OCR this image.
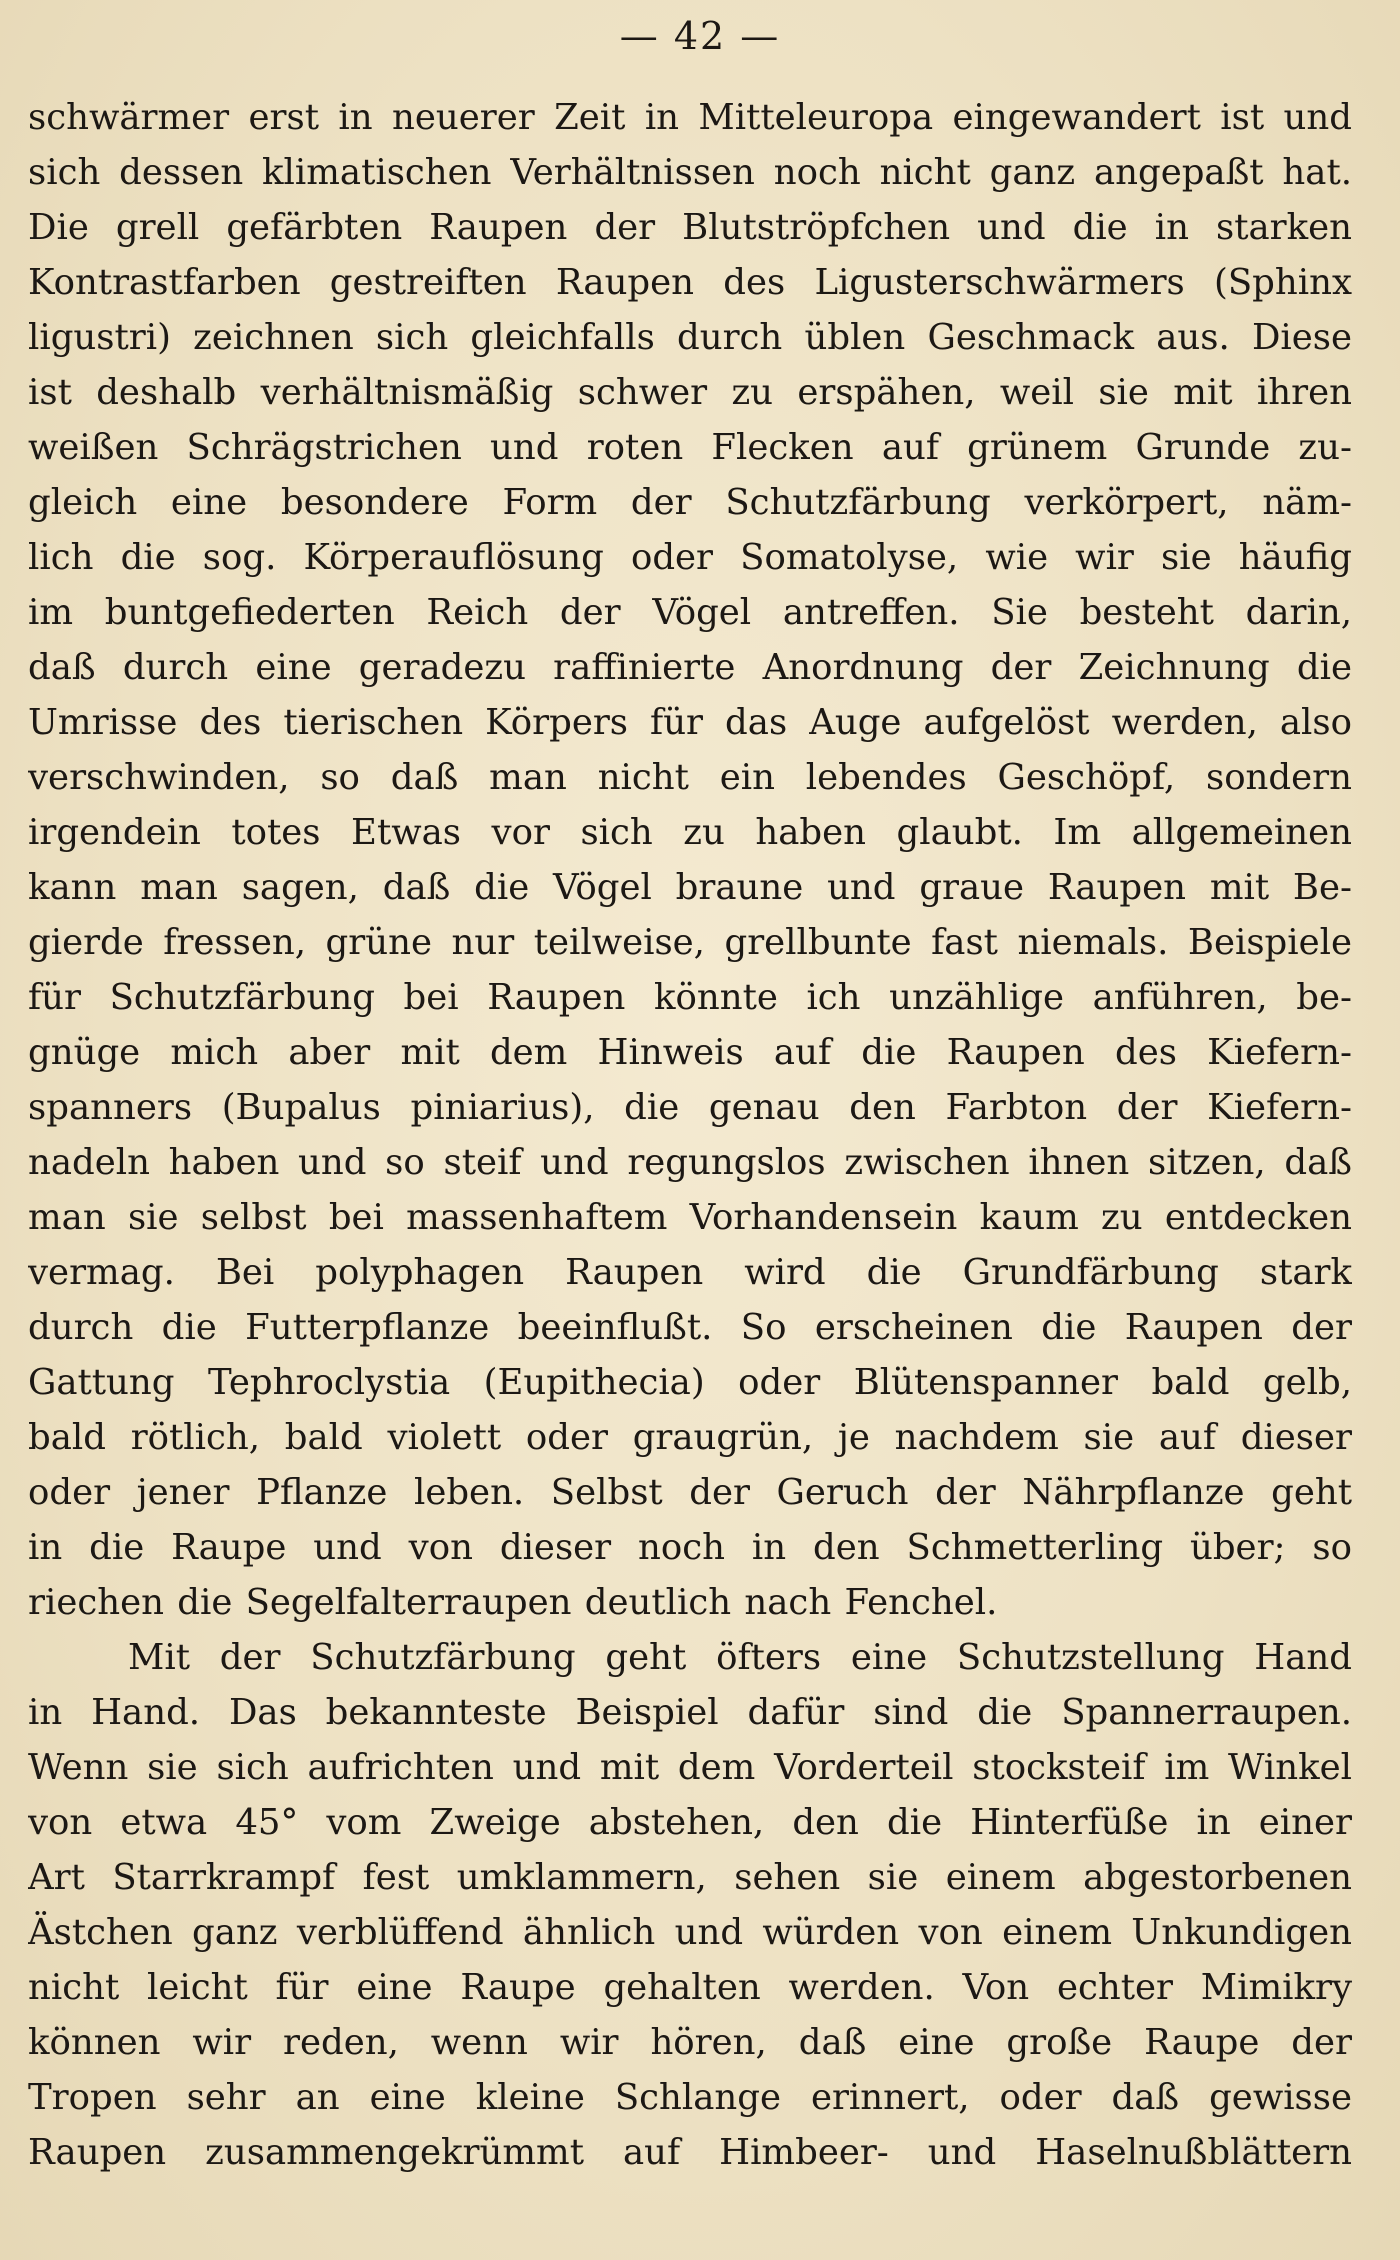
— 42 —
schwärmer erst in neuerer Zeit in Mitteleuropa eingewandert ist und
sich dessen klimatischen Verhältnissen noch nicht ganz angepaßt hat.
Die grell gefärbten Raupen der Blutströpfchen und die in starken
Kontrastfarben gestreiften Raupen des Ligusterschwärmers (Sphinx
ligustri) zeichnen sich gleichfalls durch üblen Geschmack aus. Diese
ist deshalb verhältnismäßig schwer zu erspähen, weil sie mit ihren
weißen Schrägstrichen und roten Flecken auf grünem Grunde zu-
gleich eine besondere Form der Schutzfärbung verkörpert, näm-
lich die sog. Körperauflösung oder Somatolyse, wie wir sie häufig
im buntgefiederten Reich der Vögel antreffen. Sie besteht darin,
daß durch eine geradezu raffinierte Anordnung der Zeichnung die
Umrisse des tierischen Körpers für das Auge aufgelöst werden, also
verschwinden, so daß man nicht ein lebendes Geschöpf, sondern
irgendein totes Etwas vor sich zu haben glaubt. Im allgemeinen
kann man sagen, daß die Vögel braune und graue Raupen mit Be-
gierde fressen, grüne nur teilweise, grellbunte fast niemals. Beispiele
für Schutzfärbung bei Raupen könnte ich unzählige anführen, be-
gnüge mich aber mit dem Hinweis auf die Raupen des Kiefern-
spanners (Bupalus piniarius), die genau den Farbton der Kiefern-
nadeln haben und so steif und regungslos zwischen ihnen sitzen, daß
man sie selbst bei massenhaftem Vorhandensein kaum zu entdecken
vermag. Bei polyphagen Raupen wird die Grundfärbung stark
durch die Futterpflanze beeinflußt. So erscheinen die Raupen der
Gattung Tephroclystia (Eupithecia) oder Blütenspanner bald gelb,
bald rötlich, bald violett oder graugrün, je nachdem sie auf dieser
oder jener Pflanze leben. Selbst der Geruch der Nährpflanze geht
in die Raupe und von dieser noch in den Schmetterling über; so
riechen die Segelfalterraupen deutlich nach Fenchel.
Mit der Schutzfärbung geht öfters eine Schutzstellung Hand
in Hand. Das bekannteste Beispiel dafür sind die Spannerraupen.
Wenn sie sich aufrichten und mit dem Vorderteil stocksteif im Winkel
von etwa 45° vom Zweige abstehen, den die Hinterfüße in einer
Art Starrkrampf fest umklammern, sehen sie einem abgestorbenen
Ästchen ganz verblüffend ähnlich und würden von einem Unkundigen
nicht leicht für eine Raupe gehalten werden. Von echter Mimikry
können wir reden, wenn wir hören, daß eine große Raupe der
Tropen sehr an eine kleine Schlange erinnert, oder daß gewisse
Raupen zusammengekrümmt auf Himbeer- und Haselnußblättern
